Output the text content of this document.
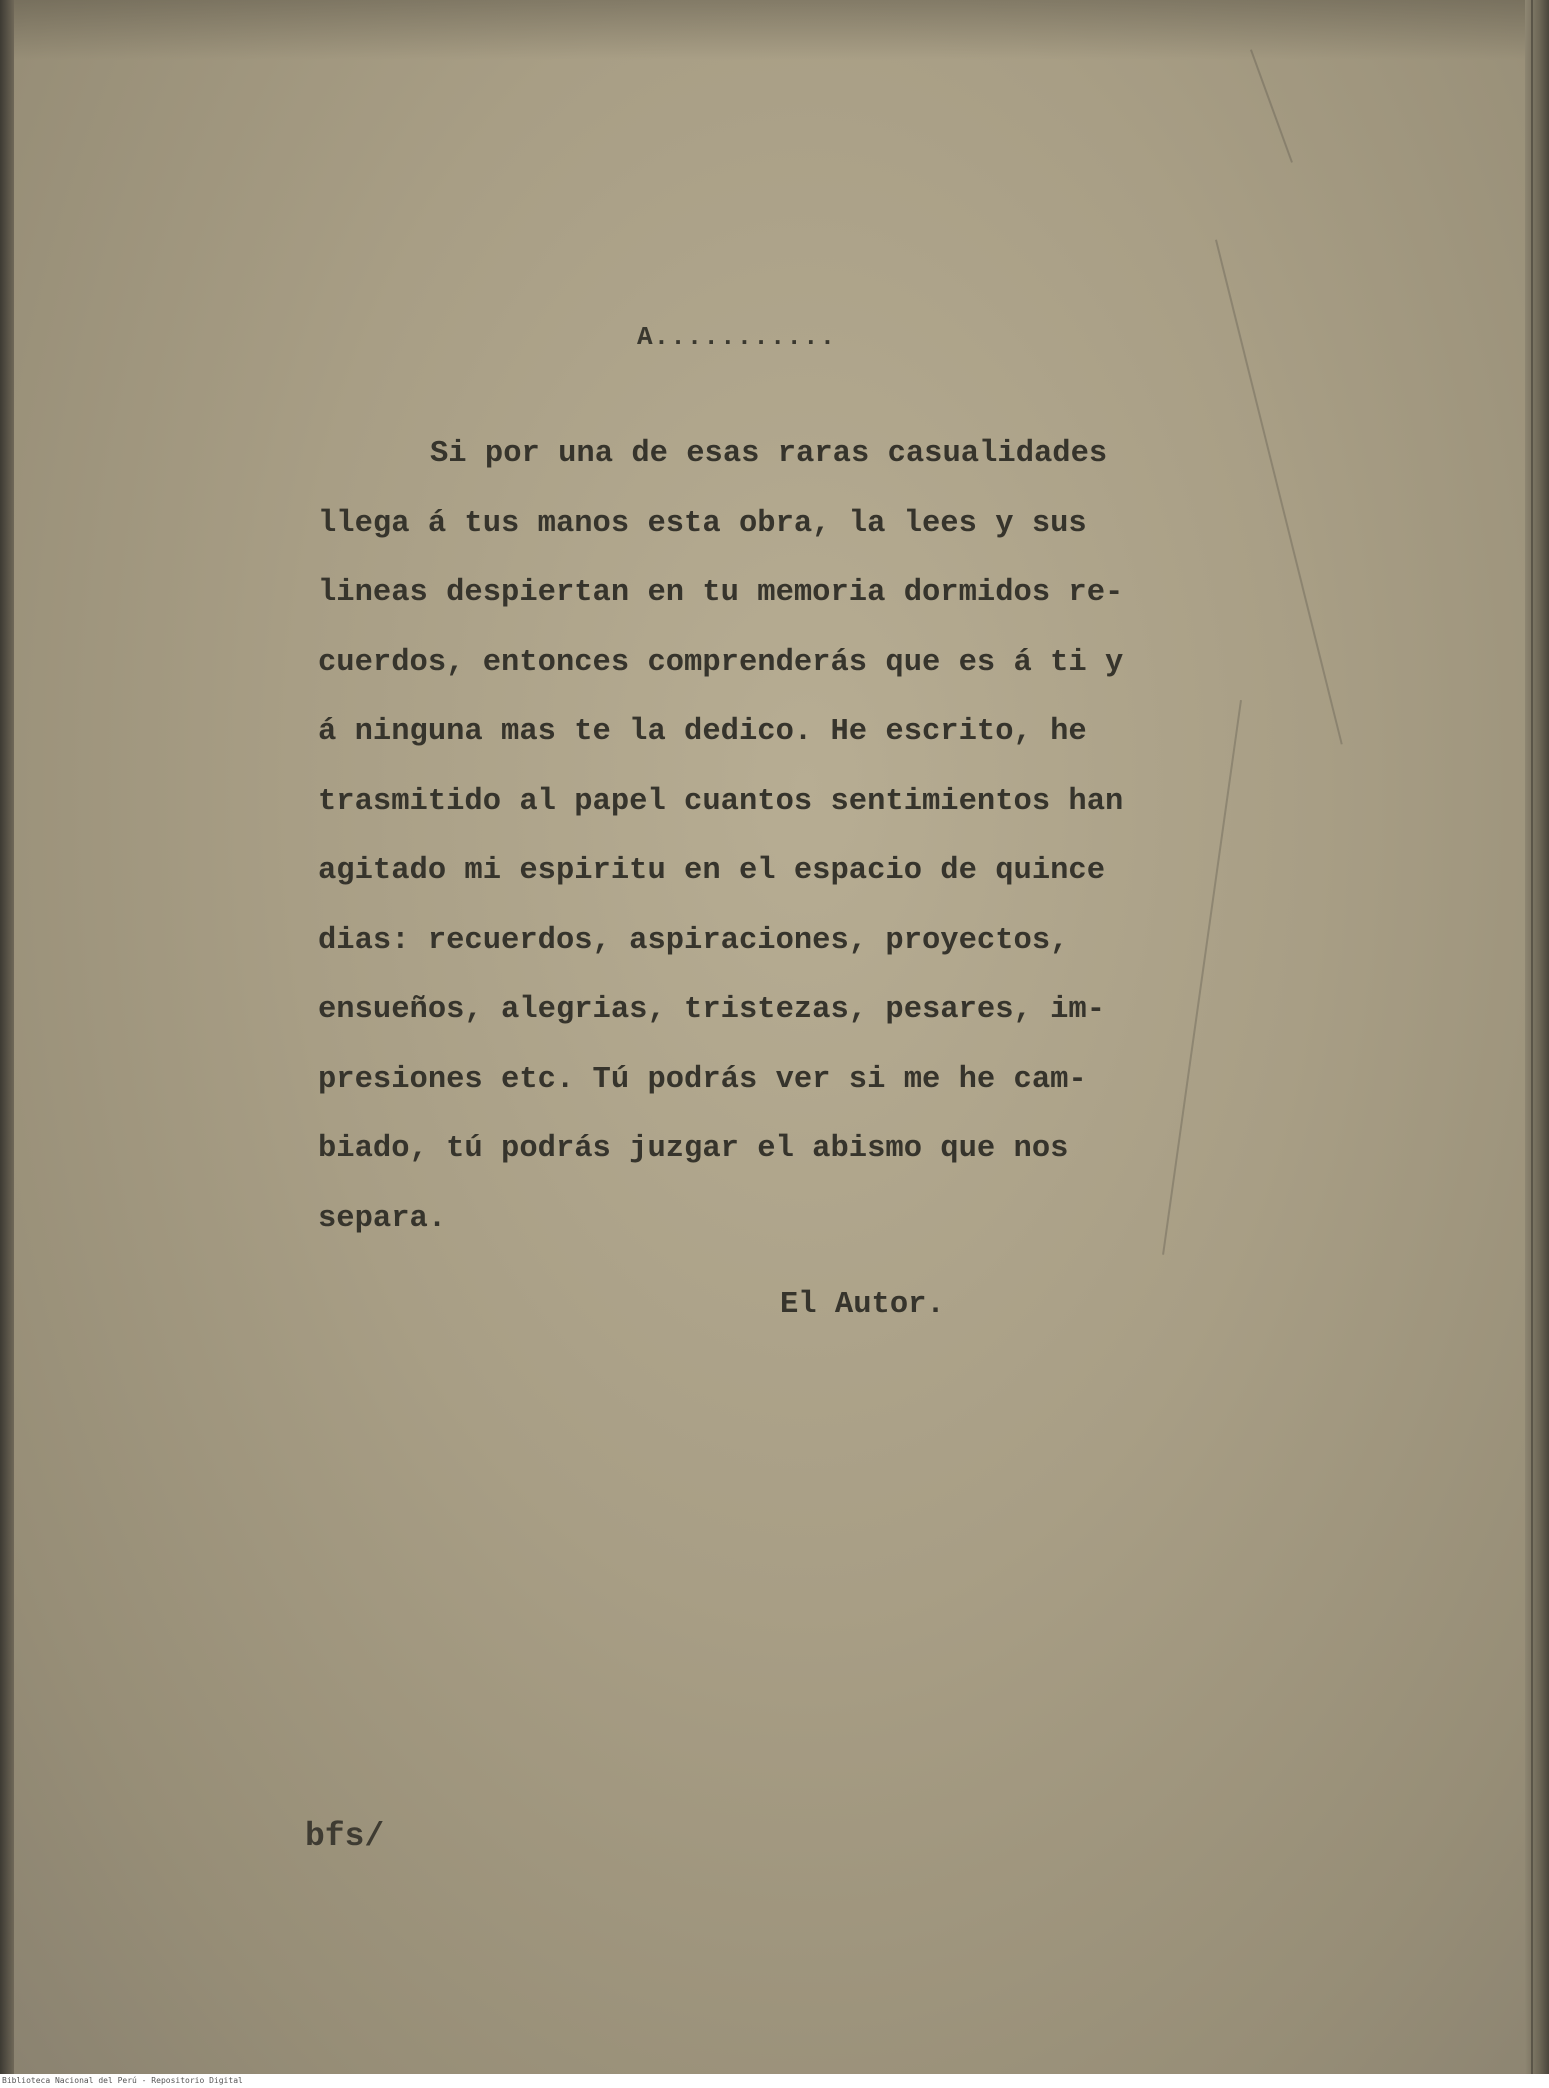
A...........

Si por una de esas raras casualidades
llega á tus manos esta obra, la lees y sus
lineas despiertan en tu memoria dormidos re-
cuerdos, entonces comprenderás que es á ti y
á ninguna mas te la dedico. He escrito, he
trasmitido al papel cuantos sentimientos han
agitado mi espiritu en el espacio de quince
dias: recuerdos, aspiraciones, proyectos,
ensueños, alegrias, tristezas, pesares, im-
presiones etc. Tú podrás ver si me he cam-
biado, tú podrás juzgar el abismo que nos
separa.

El Autor.

bfs/

Biblioteca Nacional del Perú - Repositorio Digital
